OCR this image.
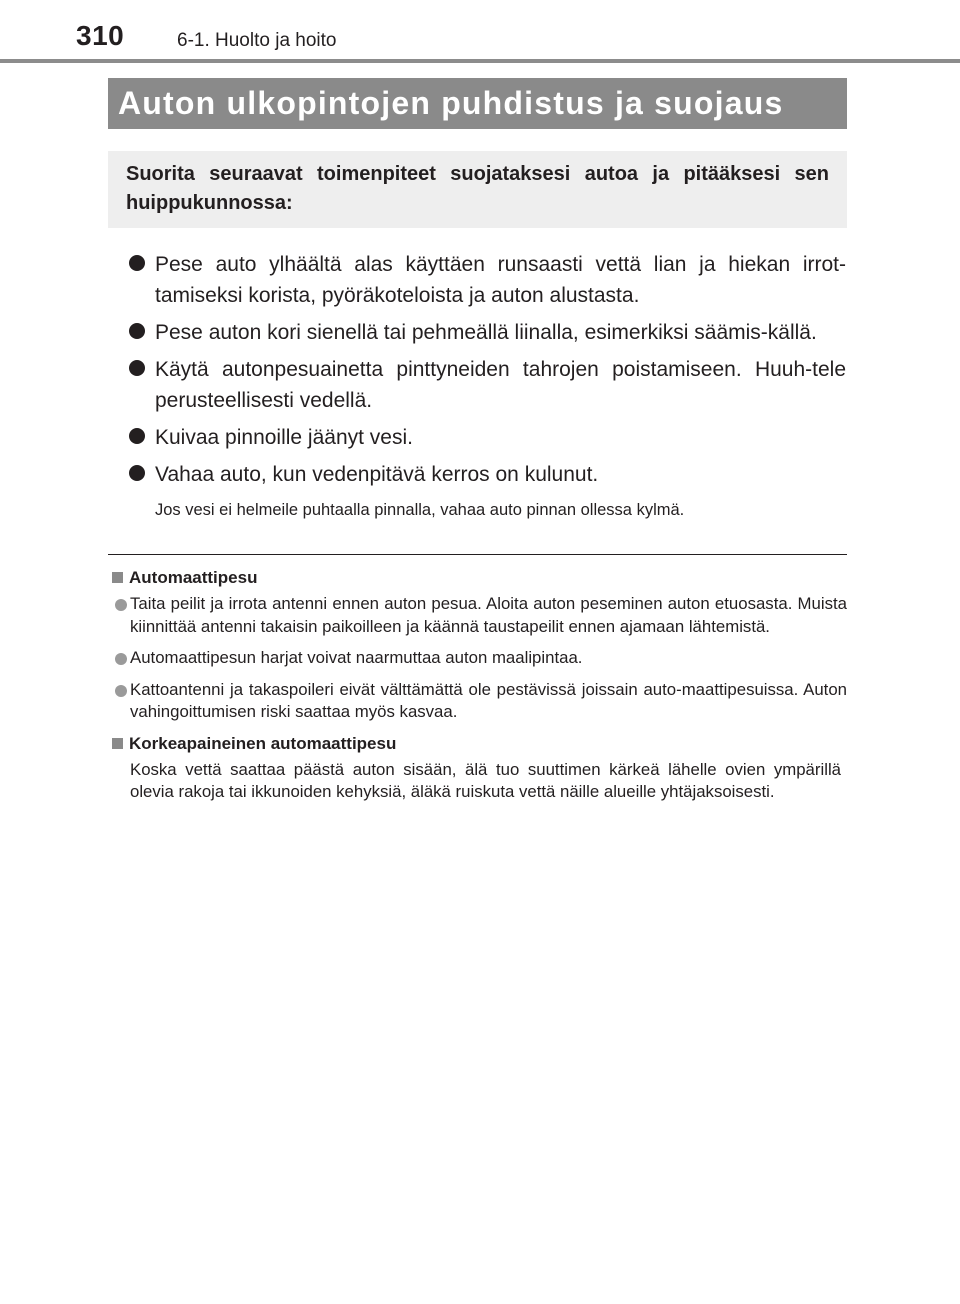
310	6-1. Huolto ja hoito
Auton ulkopintojen puhdistus ja suojaus

Suorita seuraavat toimenpiteet suojataksesi autoa ja pitääksesi sen huippukunnossa:

Pese auto ylhäältä alas käyttäen runsaasti vettä lian ja hiekan irrot-tamiseksi korista, pyöräkoteloista ja auton alustasta.

Pese auton kori sienellä tai pehmeällä liinalla, esimerkiksi säämis-källä.

Käytä autonpesuainetta pinttyneiden tahrojen poistamiseen. Huuh-tele perusteellisesti vedellä.

Kuivaa pinnoille jäänyt vesi.

Vahaa auto, kun vedenpitävä kerros on kulunut.

Jos vesi ei helmeile puhtaalla pinnalla, vahaa auto pinnan ollessa kylmä.

Automaattipesu

Taita peilit ja irrota antenni ennen auton pesua. Aloita auton peseminen auton etuosasta. Muista kiinnittää antenni takaisin paikoilleen ja käännä taustapeilit ennen ajamaan lähtemistä.

Automaattipesun harjat voivat naarmuttaa auton maalipintaa.

Kattoantenni ja takaspoileri eivät välttämättä ole pestävissä joissain auto-maattipesuissa. Auton vahingoittumisen riski saattaa myös kasvaa.

Korkeapaineinen automaattipesu

Koska vettä saattaa päästä auton sisään, älä tuo suuttimen kärkeä lähelle ovien ympärillä olevia rakoja tai ikkunoiden kehyksiä, äläkä ruiskuta vettä näille alueille yhtäjaksoisesti.
